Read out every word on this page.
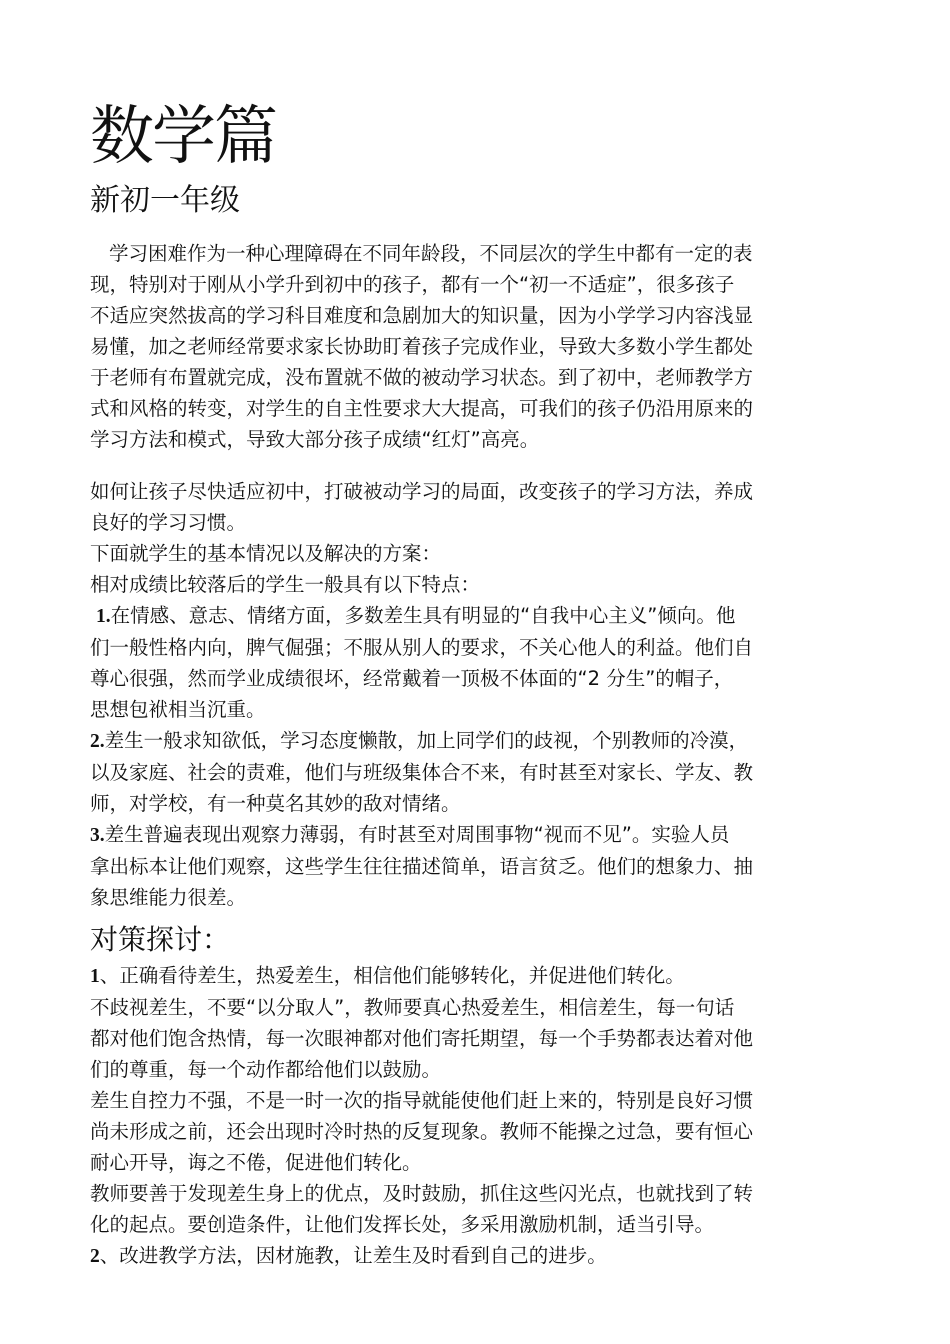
数学篇
新初一年级
学习困难作为一种心理障碍在不同年龄段，不同层次的学生中都有一定的表
现，特别对于刚从小学升到初中的孩子，都有一个“初一不适症”，很多孩子
不适应突然拔高的学习科目难度和急剧加大的知识量，因为小学学习内容浅显
易懂，加之老师经常要求家长协助盯着孩子完成作业，导致大多数小学生都处
于老师有布置就完成，没布置就不做的被动学习状态。到了初中，老师教学方
式和风格的转变，对学生的自主性要求大大提高，可我们的孩子仍沿用原来的
学习方法和模式，导致大部分孩子成绩“红灯”高亮。
如何让孩子尽快适应初中，打破被动学习的局面，改变孩子的学习方法，养成
良好的学习习惯。
下面就学生的基本情况以及解决的方案：
相对成绩比较落后的学生一般具有以下特点：
1.在情感、意志、情绪方面，多数差生具有明显的“自我中心主义”倾向。他
们一般性格内向，脾气倔强；不服从别人的要求，不关心他人的利益。他们自
尊心很强，然而学业成绩很坏，经常戴着一顶极不体面的“2 分生”的帽子，
思想包袱相当沉重。
2.差生一般求知欲低，学习态度懒散，加上同学们的歧视，个别教师的冷漠，
以及家庭、社会的责难，他们与班级集体合不来，有时甚至对家长、学友、教
师，对学校，有一种莫名其妙的敌对情绪。
3.差生普遍表现出观察力薄弱，有时甚至对周围事物“视而不见”。实验人员
拿出标本让他们观察，这些学生往往描述简单，语言贫乏。他们的想象力、抽
象思维能力很差。
对策探讨：
1、正确看待差生，热爱差生，相信他们能够转化，并促进他们转化。
不歧视差生，不要“以分取人”，教师要真心热爱差生，相信差生，每一句话
都对他们饱含热情，每一次眼神都对他们寄托期望，每一个手势都表达着对他
们的尊重，每一个动作都给他们以鼓励。
差生自控力不强，不是一时一次的指导就能使他们赶上来的，特别是良好习惯
尚未形成之前，还会出现时冷时热的反复现象。教师不能操之过急，要有恒心
耐心开导，诲之不倦，促进他们转化。
教师要善于发现差生身上的优点，及时鼓励，抓住这些闪光点，也就找到了转
化的起点。要创造条件，让他们发挥长处，多采用激励机制，适当引导。
2、改进教学方法，因材施教，让差生及时看到自己的进步。
